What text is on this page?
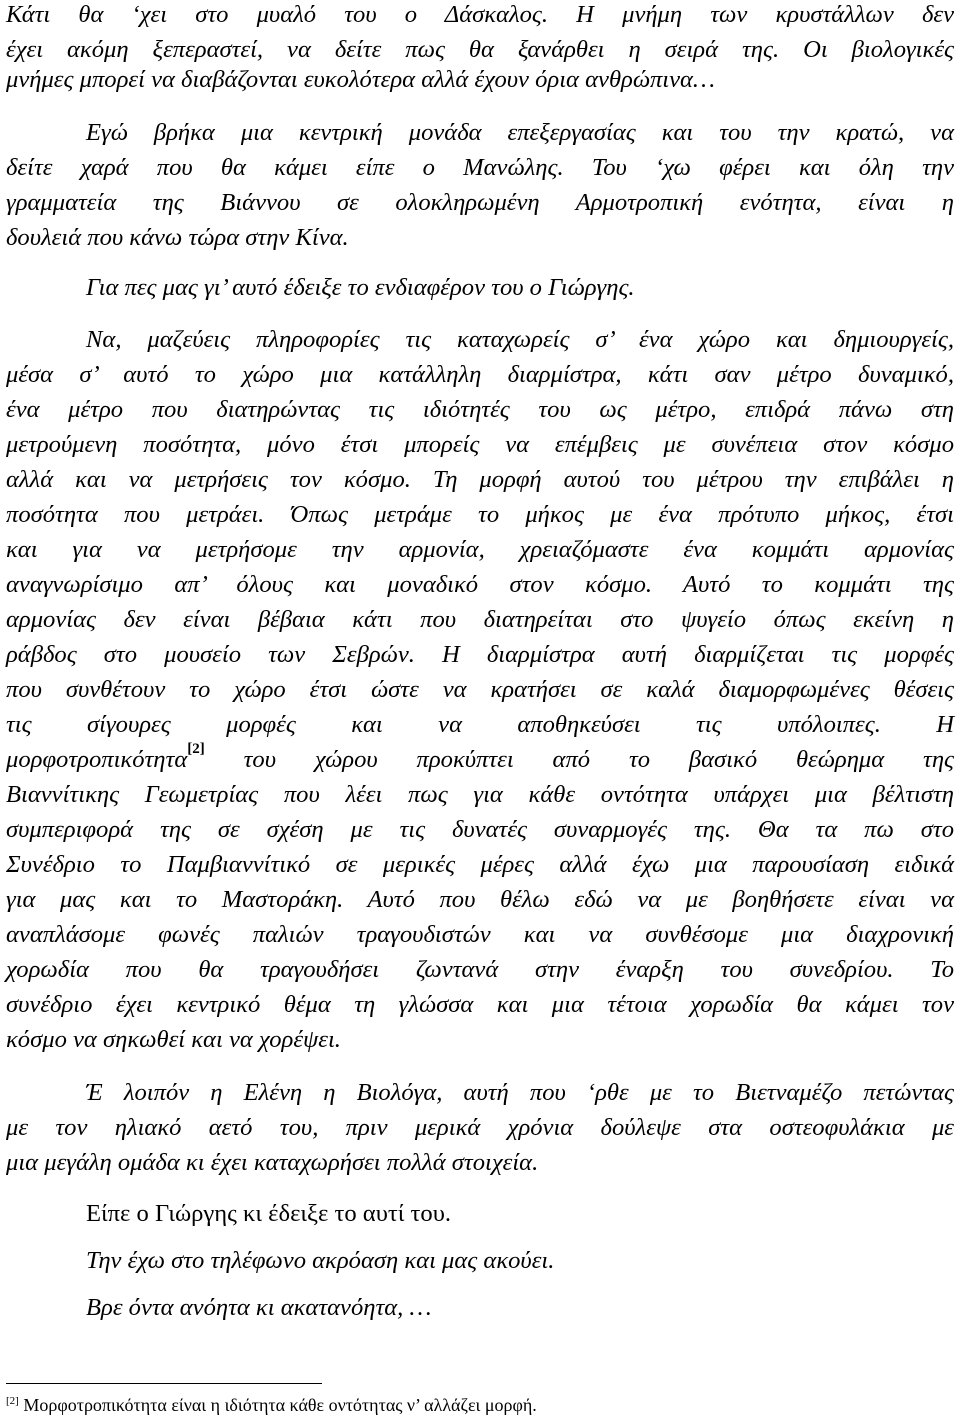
Κάτι θα ‘χει στο μυαλό του ο Δάσκαλος. Η μνήμη των κρυστάλλων δεν
έχει ακόμη ξεπεραστεί, να δείτε πως θα ξανάρθει η σειρά της. Οι βιολογικές
μνήμες μπορεί να διαβάζονται ευκολότερα αλλά έχουν όρια ανθρώπινα…
Εγώ βρήκα μια κεντρική μονάδα επεξεργασίας και του την κρατώ, να
δείτε χαρά που θα κάμει είπε ο Μανώλης. Του ‘χω φέρει και όλη την
γραμματεία της Βιάννου σε ολοκληρωμένη Αρμοτροπική ενότητα, είναι η
δουλειά που κάνω τώρα στην Κίνα.
Για πες μας γι’ αυτό έδειξε το ενδιαφέρον του ο Γιώργης.
Να, μαζεύεις πληροφορίες τις καταχωρείς σ’ ένα χώρο και δημιουργείς,
μέσα σ’ αυτό το χώρο μια κατάλληλη διαρμίστρα, κάτι σαν μέτρο δυναμικό,
ένα μέτρο που διατηρώντας τις ιδιότητές του ως μέτρο, επιδρά πάνω στη
μετρούμενη ποσότητα, μόνο έτσι μπορείς να επέμβεις με συνέπεια στον κόσμο
αλλά και να μετρήσεις τον κόσμο. Τη μορφή αυτού του μέτρου την επιβάλει η
ποσότητα που μετράει. Όπως μετράμε το μήκος με ένα πρότυπο μήκος, έτσι
και για να μετρήσομε την αρμονία, χρειαζόμαστε ένα κομμάτι αρμονίας
αναγνωρίσιμο απ’ όλους και μοναδικό στον κόσμο. Αυτό το κομμάτι της
αρμονίας δεν είναι βέβαια κάτι που διατηρείται στο ψυγείο όπως εκείνη η
ράβδος στο μουσείο των Σεβρών. Η διαρμίστρα αυτή διαρμίζεται τις μορφές
που συνθέτουν το χώρο έτσι ώστε να κρατήσει σε καλά διαμορφωμένες θέσεις
τις σίγουρες μορφές και να αποθηκεύσει τις υπόλοιπες. Η
μορφοτροπικότητα[2] του χώρου προκύπτει από το βασικό θεώρημα της
Βιαννίτικης Γεωμετρίας που λέει πως για κάθε οντότητα υπάρχει μια βέλτιστη
συμπεριφορά της σε σχέση με τις δυνατές συναρμογές της. Θα τα πω στο
Συνέδριο το Παμβιαννίτικό σε μερικές μέρες αλλά έχω μια παρουσίαση ειδικά
για μας και το Μαστοράκη. Αυτό που θέλω εδώ να με βοηθήσετε είναι να
αναπλάσομε φωνές παλιών τραγουδιστών και να συνθέσομε μια διαχρονική
χορωδία που θα τραγουδήσει ζωντανά στην έναρξη του συνεδρίου. Το
συνέδριο έχει κεντρικό θέμα τη γλώσσα και μια τέτοια χορωδία θα κάμει τον
κόσμο να σηκωθεί και να χορέψει.
Έ λοιπόν η Ελένη η Βιολόγα, αυτή που ‘ρθε με το Βιετναμέζο πετώντας
με τον ηλιακό αετό του, πριν μερικά χρόνια δούλεψε στα οστεοφυλάκια με
μια μεγάλη ομάδα κι έχει καταχωρήσει πολλά στοιχεία.
Είπε ο Γιώργης κι έδειξε το αυτί του.
Την έχω στο τηλέφωνο ακρόαση και μας ακούει.
Βρε όντα ανόητα κι ακατανόητα, …
[2] Μορφοτροπικότητα είναι η ιδιότητα κάθε οντότητας ν’ αλλάζει μορφή.
